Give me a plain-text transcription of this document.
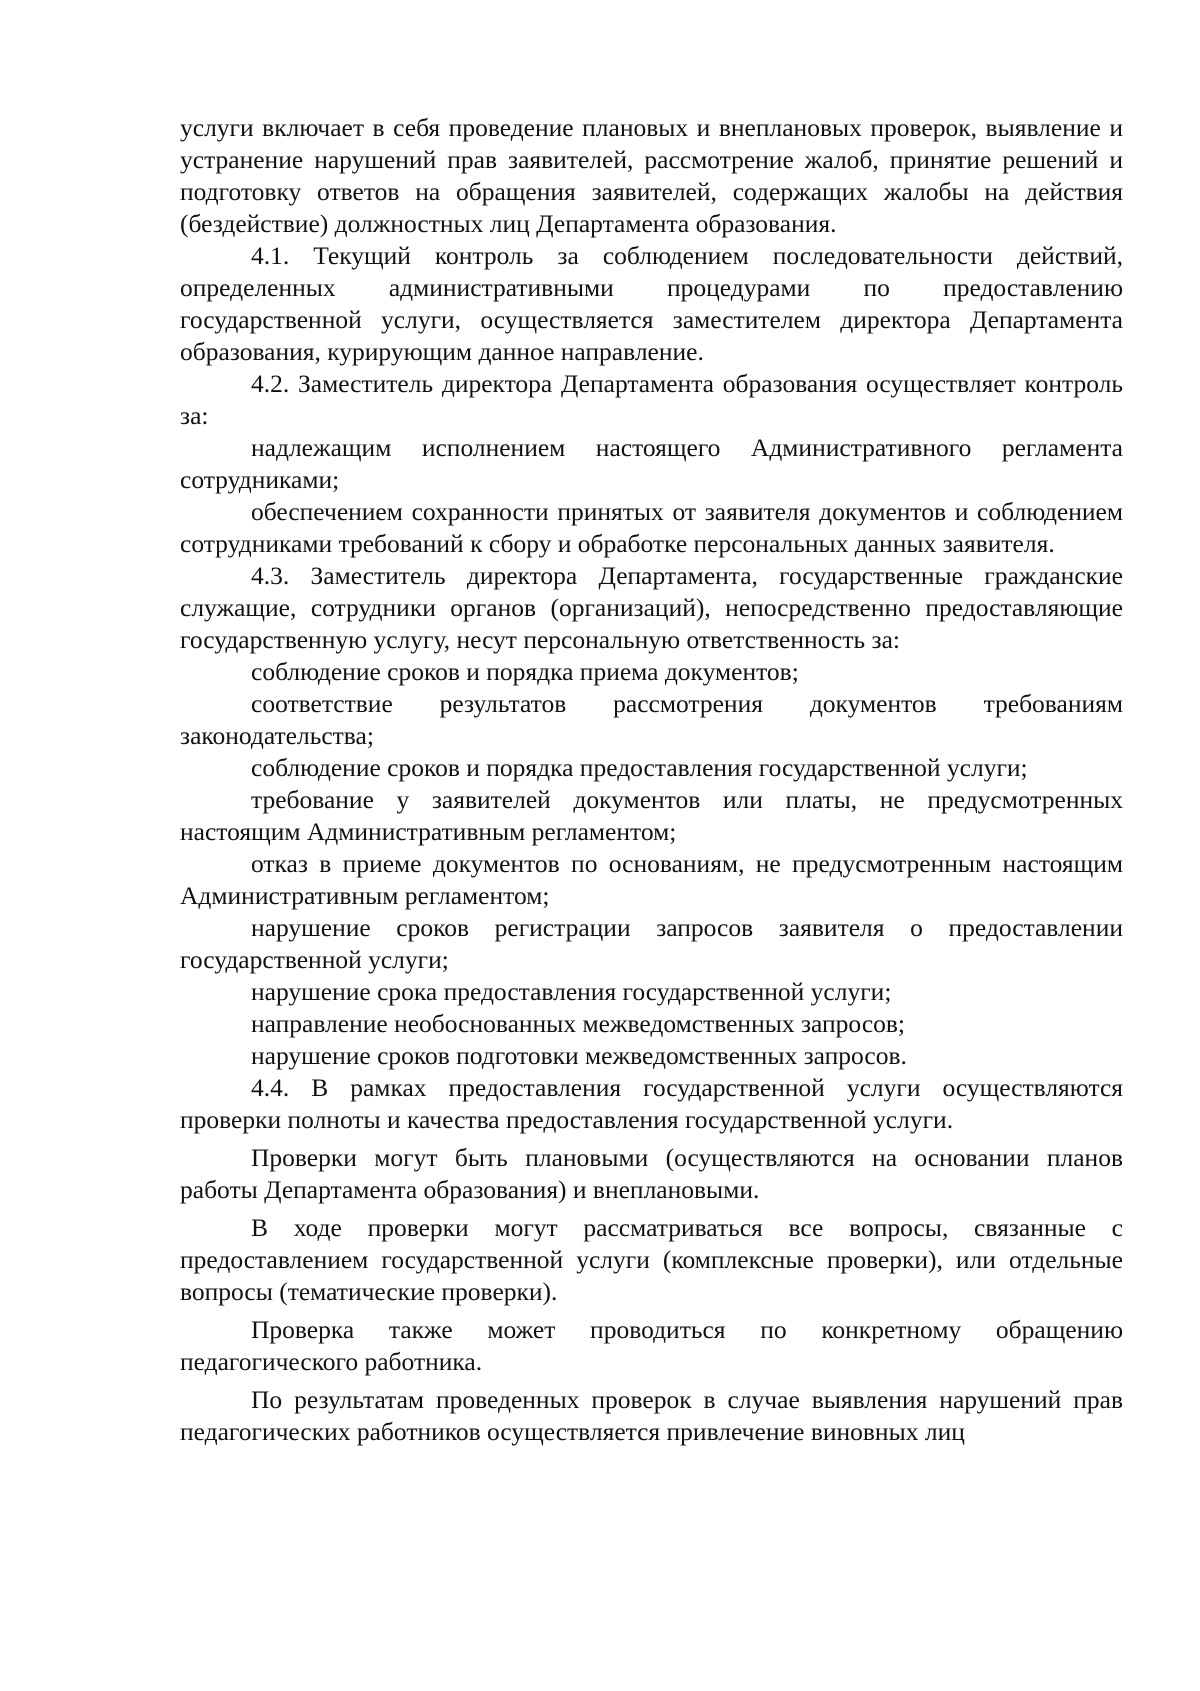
услуги включает в себя проведение плановых и внеплановых проверок, выявление и устранение нарушений прав заявителей, рассмотрение жалоб, принятие решений и подготовку ответов на обращения заявителей, содержащих жалобы на действия (бездействие) должностных лиц Департамента образования.

4.1. Текущий контроль за соблюдением последовательности действий, определенных административными процедурами по предоставлению государственной услуги, осуществляется заместителем директора Департамента образования, курирующим данное направление.

4.2. Заместитель директора Департамента образования осуществляет контроль за:

надлежащим исполнением настоящего Административного регламента сотрудниками;

обеспечением сохранности принятых от заявителя документов и соблюдением сотрудниками требований к сбору и обработке персональных данных заявителя.

4.3. Заместитель директора Департамента, государственные гражданские служащие, сотрудники органов (организаций), непосредственно предоставляющие государственную услугу, несут персональную ответственность за:

соблюдение сроков и порядка приема документов;

соответствие результатов рассмотрения документов требованиям законодательства;

соблюдение сроков и порядка предоставления государственной услуги;

требование у заявителей документов или платы, не предусмотренных настоящим Административным регламентом;

отказ в приеме документов по основаниям, не предусмотренным настоящим Административным регламентом;

нарушение сроков регистрации запросов заявителя о предоставлении государственной услуги;

нарушение срока предоставления государственной услуги;

направление необоснованных межведомственных запросов;

нарушение сроков подготовки межведомственных запросов.

4.4. В рамках предоставления государственной услуги осуществляются проверки полноты и качества предоставления государственной услуги.

Проверки могут быть плановыми (осуществляются на основании планов работы Департамента образования) и внеплановыми.

В ходе проверки могут рассматриваться все вопросы, связанные с предоставлением государственной услуги (комплексные проверки), или отдельные вопросы (тематические проверки).

Проверка также может проводиться по конкретному обращению педагогического работника.

По результатам проведенных проверок в случае выявления нарушений прав педагогических работников осуществляется привлечение виновных лиц
